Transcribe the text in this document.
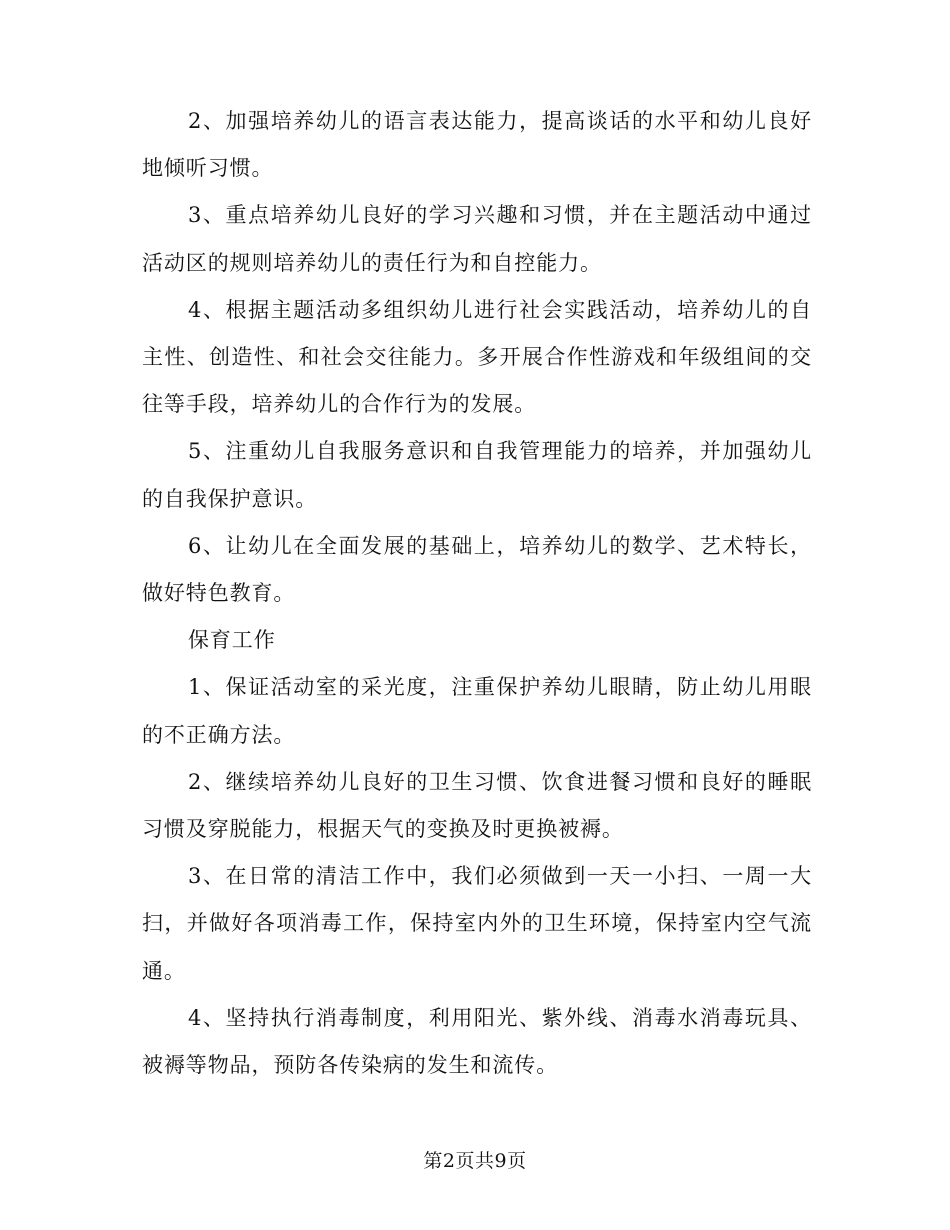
2、加强培养幼儿的语言表达能力，提高谈话的水平和幼儿良好地倾听习惯。

3、重点培养幼儿良好的学习兴趣和习惯，并在主题活动中通过活动区的规则培养幼儿的责任行为和自控能力。

4、根据主题活动多组织幼儿进行社会实践活动，培养幼儿的自主性、创造性、和社会交往能力。多开展合作性游戏和年级组间的交往等手段，培养幼儿的合作行为的发展。

5、注重幼儿自我服务意识和自我管理能力的培养，并加强幼儿的自我保护意识。

6、让幼儿在全面发展的基础上，培养幼儿的数学、艺术特长，做好特色教育。

保育工作

1、保证活动室的采光度，注重保护养幼儿眼睛，防止幼儿用眼的不正确方法。

2、继续培养幼儿良好的卫生习惯、饮食进餐习惯和良好的睡眠习惯及穿脱能力，根据天气的变换及时更换被褥。

3、在日常的清洁工作中，我们必须做到一天一小扫、一周一大扫，并做好各项消毒工作，保持室内外的卫生环境，保持室内空气流通。

4、坚持执行消毒制度，利用阳光、紫外线、消毒水消毒玩具、被褥等物品，预防各传染病的发生和流传。

第2页共9页
